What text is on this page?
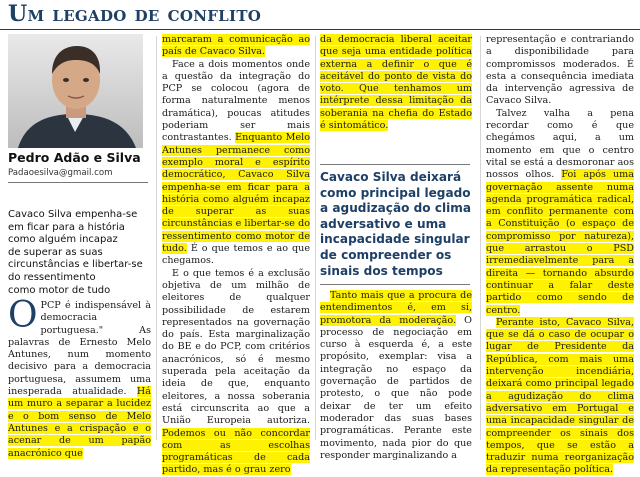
Um legado de conflito
Pedro Adão e Silva
Padaoesilva@gmail.com
Cavaco Silva empenha-se
em ficar para a história
como alguém incapaz
de superar as suas
circunstâncias e libertar-se
do ressentimento
como motor de tudo

OPCP é indispensável à democracia portuguesa." As palavras de Ernesto Melo Antunes, num momento decisivo para a democracia portuguesa, assumem uma inesperada atualidade. Há um muro a separar a lucidez e o bom senso de Melo Antunes e a crispação e o acenar de um papão anacrónico que

marcaram a comunicação ao país de Cavaco Silva.

Face a dois momentos onde a questão da integração do PCP se colocou (agora de forma naturalmente menos dramática), poucas atitudes poderiam ser mais contrastantes. Enquanto Melo Antunes permanece como exemplo moral e espírito democrático, Cavaco Silva empenha-se em ficar para a história como alguém incapaz de superar as suas circunstâncias e libertar-se do ressentimento como motor de tudo. É o que temos e ao que chegamos.

E o que temos é a exclusão objetiva de um milhão de eleitores de qualquer possibilidade de estarem representados na governação do país. Esta marginalização do BE e do PCP, com critérios anacrónicos, só é mesmo superada pela aceitação da ideia de que, enquanto eleitores, a nossa soberania está circunscrita ao que a União Europeia autoriza. Podemos ou não concordar com as escolhas programáticas de cada partido, mas é o grau zero

da democracia liberal aceitar que seja uma entidade política externa a definir o que é aceitável do ponto de vista do voto. Que tenhamos um intérprete dessa limitação da soberania na chefia do Estado é sintomático.

Cavaco Silva deixará
como principal legado
a agudização do clima
adversativo e uma
incapacidade singular
de compreender os
sinais dos tempos

Tanto mais que a procura de entendimentos é, em si, promotora da moderação. O processo de negociação em curso à esquerda é, a este propósito, exemplar: visa a integração no espaço da governação de partidos de protesto, o que não pode deixar de ter um efeito moderador das suas bases programáticas. Perante este movimento, nada pior do que responder marginalizando a

representação e contrariando a disponibilidade para compromissos moderados. É esta a consequência imediata da intervenção agressiva de Cavaco Silva.

Talvez valha a pena recordar como é que chegámos aqui, a um momento em que o centro vital se está a desmoronar aos nossos olhos. Foi após uma governação assente numa agenda programática radical, em conflito permanente com a Constituição (o espaço de compromisso por natureza), que arrastou o PSD irremediavelmente para a direita — tornando absurdo continuar a falar deste partido como sendo de centro.

Perante isto, Cavaco Silva, que se dá o caso de ocupar o lugar de Presidente da República, com mais uma intervenção incendiária, deixará como principal legado a agudização do clima adversativo em Portugal e uma incapacidade singular de compreender os sinais dos tempos, que se estão a traduzir numa reorganização da representação política.
